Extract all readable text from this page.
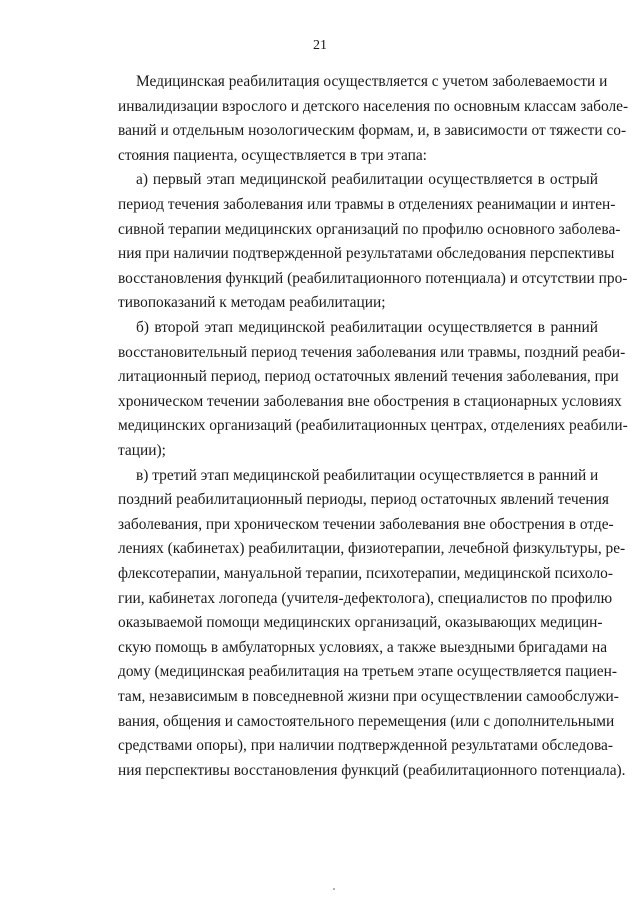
21
Медицинская реабилитация осуществляется с учетом заболеваемости и
инвалидизации взрослого и детского населения по основным классам заболе-
ваний и отдельным нозологическим формам, и, в зависимости от тяжести со-
стояния пациента, осуществляется в три этапа:
а) первый этап медицинской реабилитации осуществляется в острый
период течения заболевания или травмы в отделениях реанимации и интен-
сивной терапии медицинских организаций по профилю основного заболева-
ния при наличии подтвержденной результатами обследования перспективы
восстановления функций (реабилитационного потенциала) и отсутствии про-
тивопоказаний к методам реабилитации;
б) второй этап медицинской реабилитации осуществляется в ранний
восстановительный период течения заболевания или травмы, поздний реаби-
литационный период, период остаточных явлений течения заболевания, при
хроническом течении заболевания вне обострения в стационарных условиях
медицинских организаций (реабилитационных центрах, отделениях реабили-
тации);
в) третий этап медицинской реабилитации осуществляется в ранний и
поздний реабилитационный периоды, период остаточных явлений течения
заболевания, при хроническом течении заболевания вне обострения в отде-
лениях (кабинетах) реабилитации, физиотерапии, лечебной физкультуры, ре-
флексотерапии, мануальной терапии, психотерапии, медицинской психоло-
гии, кабинетах логопеда (учителя-дефектолога), специалистов по профилю
оказываемой помощи медицинских организаций, оказывающих медицин-
скую помощь в амбулаторных условиях, а также выездными бригадами на
дому (медицинская реабилитация на третьем этапе осуществляется пациен-
там, независимым в повседневной жизни при осуществлении самообслужи-
вания, общения и самостоятельного перемещения (или с дополнительными
средствами опоры), при наличии подтвержденной результатами обследова-
ния перспективы восстановления функций (реабилитационного потенциала).
